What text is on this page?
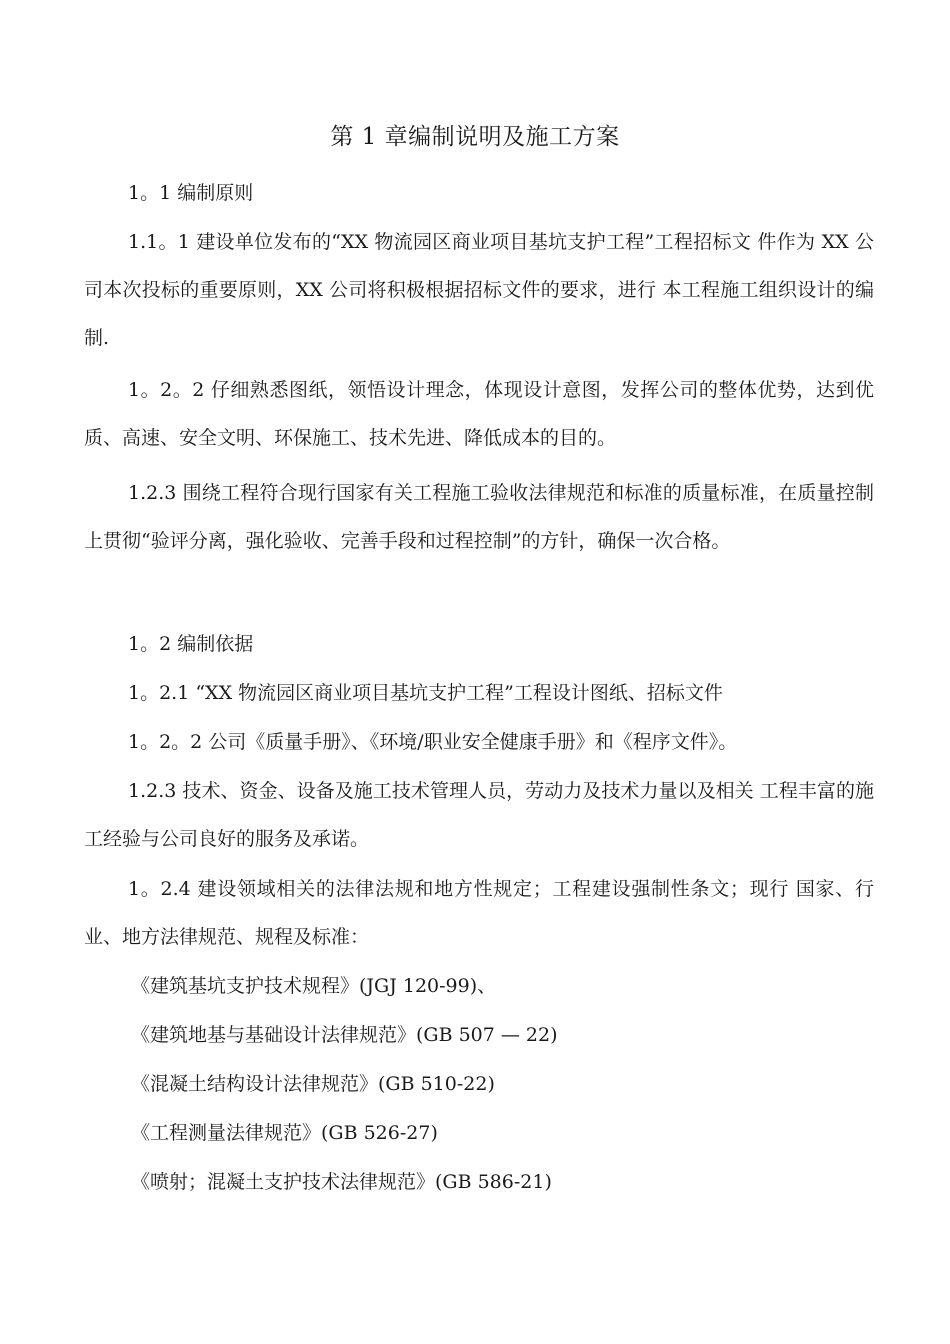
第 1 章编制说明及施工方案

1。1 编制原则

1.1。1 建设单位发布的“XX 物流园区商业项目基坑支护工程”工程招标文 件作为 XX 公司本次投标的重要原则，XX 公司将积极根据招标文件的要求，进行 本工程施工组织设计的编制.

1。2。2 仔细熟悉图纸，领悟设计理念，体现设计意图，发挥公司的整体优势，达到优质、高速、安全文明、环保施工、技术先进、降低成本的目的。

1.2.3 围绕工程符合现行国家有关工程施工验收法律规范和标准的质量标准，在质量控制上贯彻“验评分离，强化验收、完善手段和过程控制”的方针，确保一次合格。

1。2 编制依据

1。2.1 “XX 物流园区商业项目基坑支护工程”工程设计图纸、招标文件

1。2。2 公司《质量手册》、《环境/职业安全健康手册》和《程序文件》。

1.2.3 技术、资金、设备及施工技术管理人员，劳动力及技术力量以及相关 工程丰富的施工经验与公司良好的服务及承诺。

1。2.4 建设领域相关的法律法规和地方性规定；工程建设强制性条文；现行 国家、行业、地方法律规范、规程及标准：

《建筑基坑支护技术规程》(JGJ 120-99)、

《建筑地基与基础设计法律规范》(GB 507 — 22)

《混凝土结构设计法律规范》(GB 510-22)

《工程测量法律规范》(GB 526-27)

《喷射；混凝土支护技术法律规范》(GB 586-21)
